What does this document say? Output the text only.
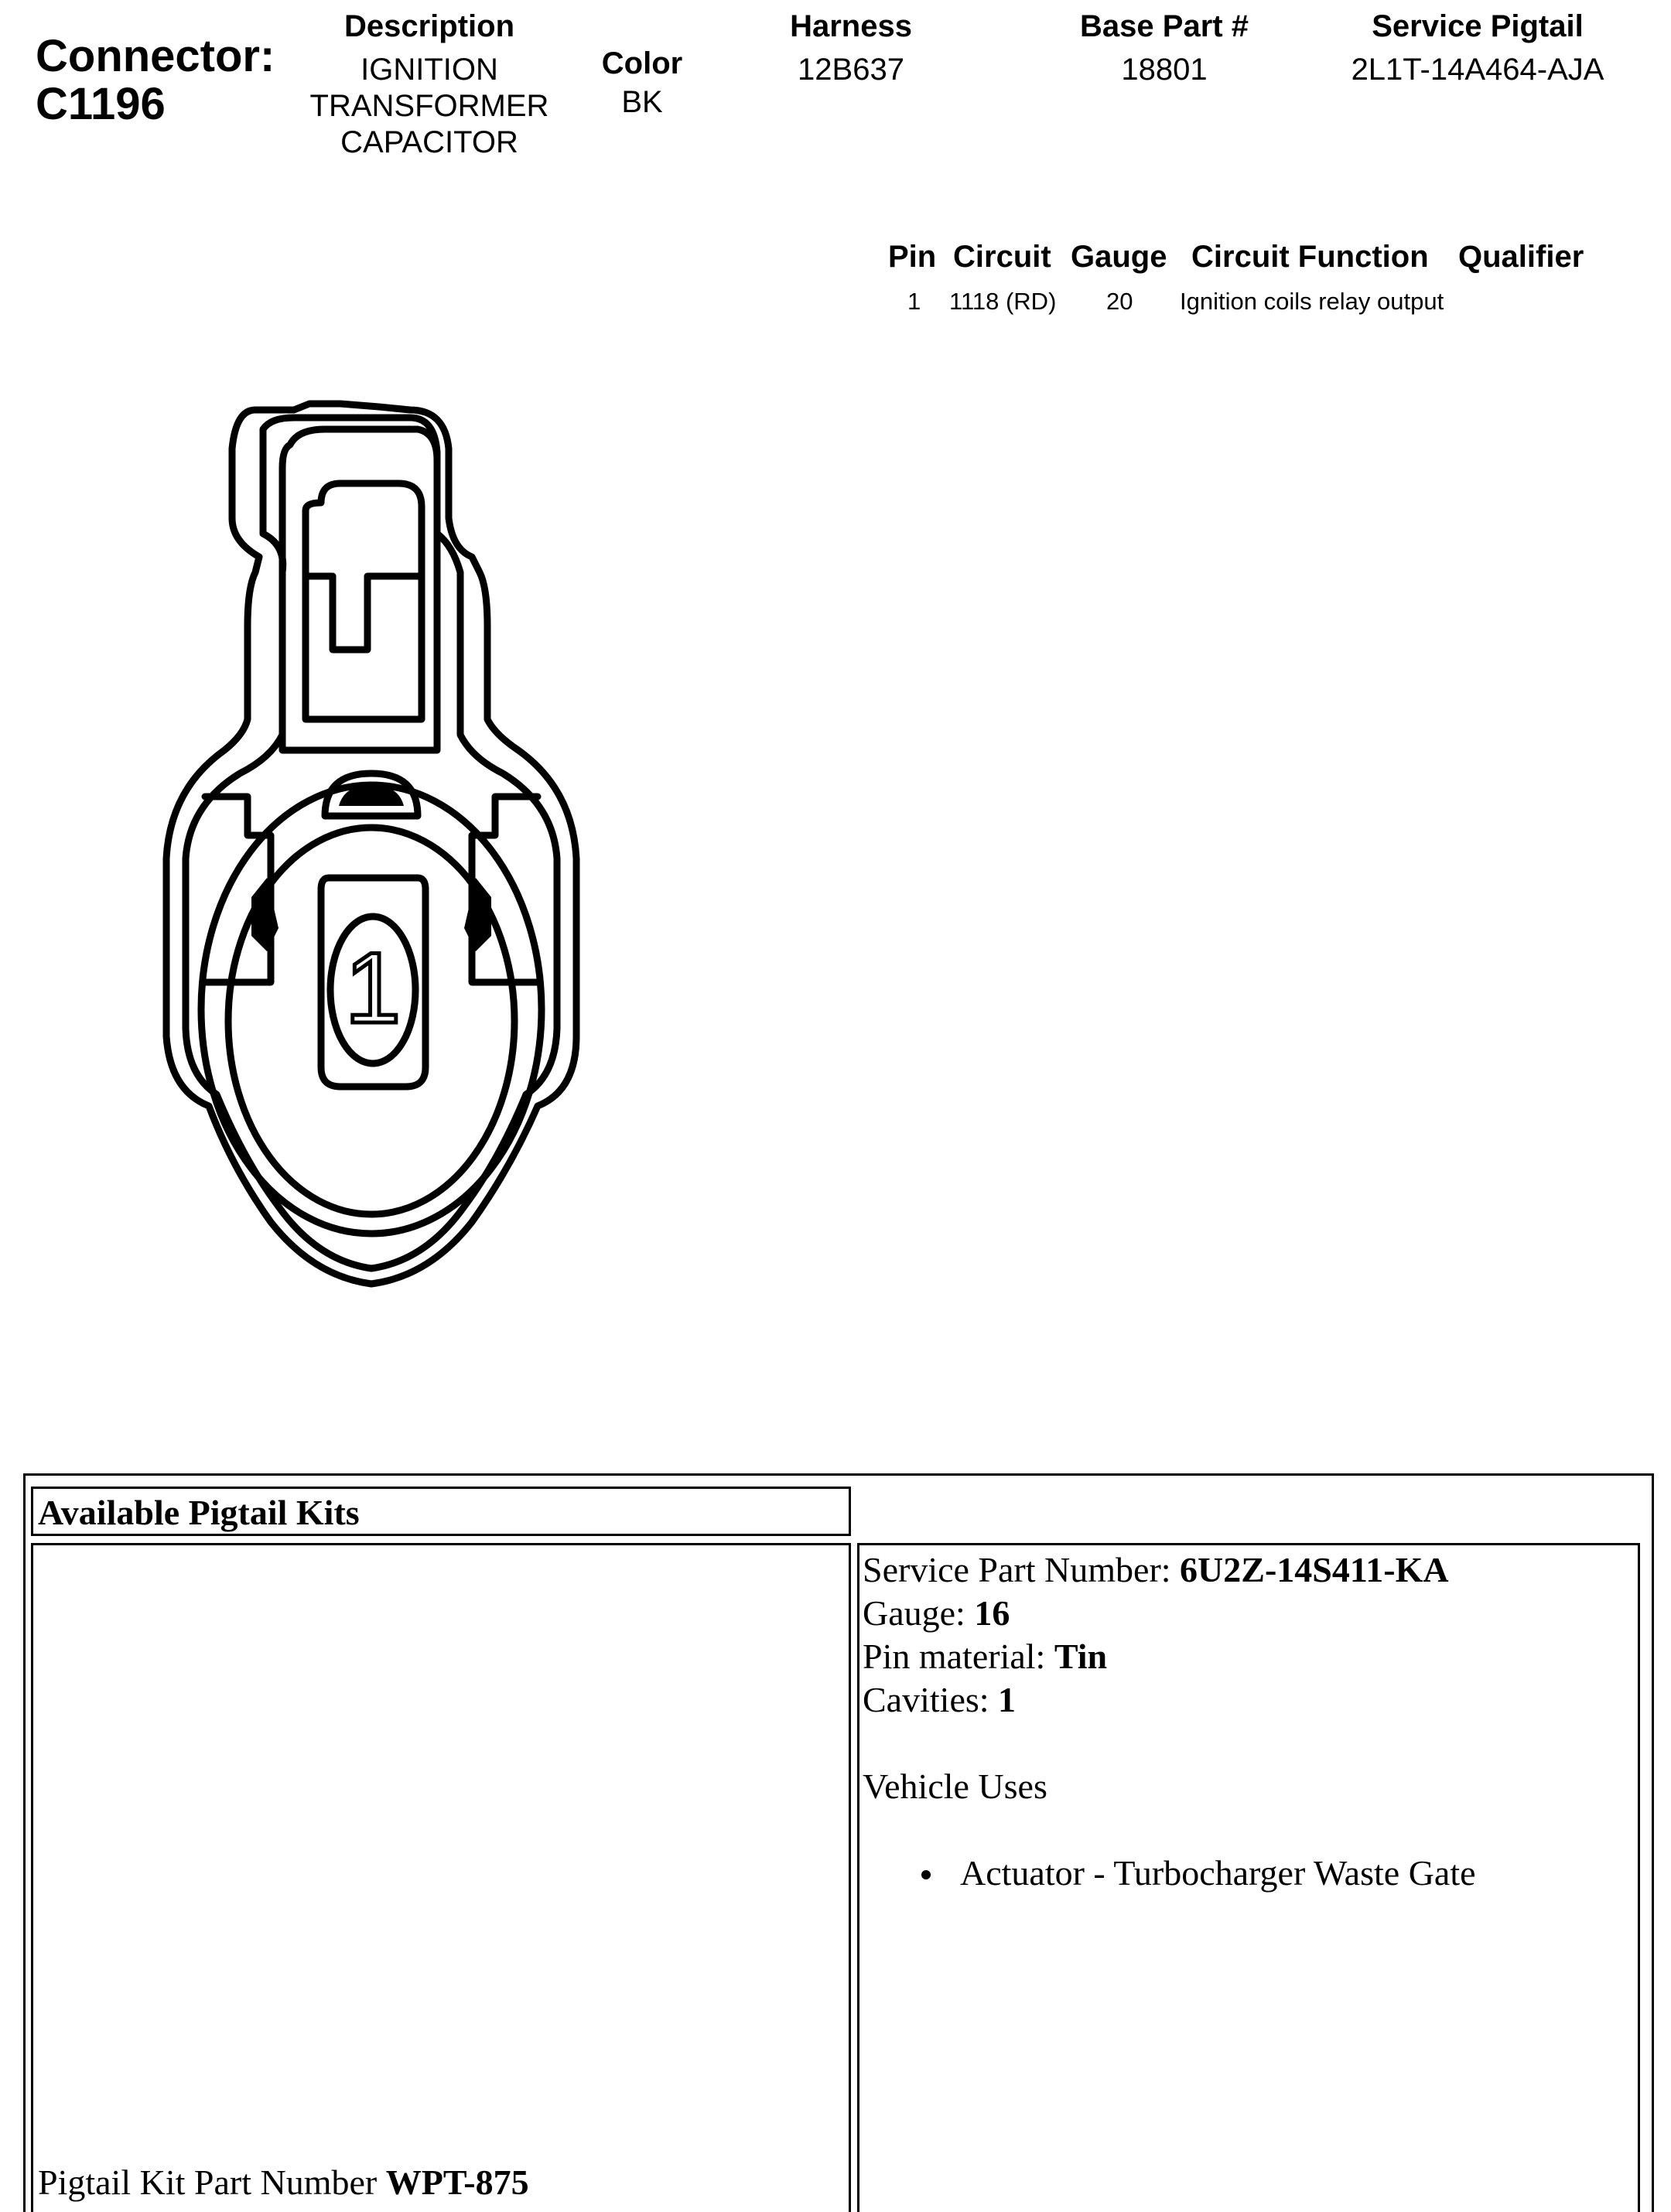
Connector:
C1196
Description
IGNITION
TRANSFORMER
CAPACITOR
Color
BK
Harness
12B637
Base Part #
18801
Service Pigtail
2L1T-14A464-AJA
Pin Circuit Gauge Circuit Function Qualifier
1 1118 (RD) 20 Ignition coils relay output
1
Available Pigtail Kits
Pigtail Kit Part Number WPT-875
Service Part Number: 6U2Z-14S411-KA
Gauge: 16
Pin material: Tin
Cavities: 1
Vehicle Uses
Actuator - Turbocharger Waste Gate
